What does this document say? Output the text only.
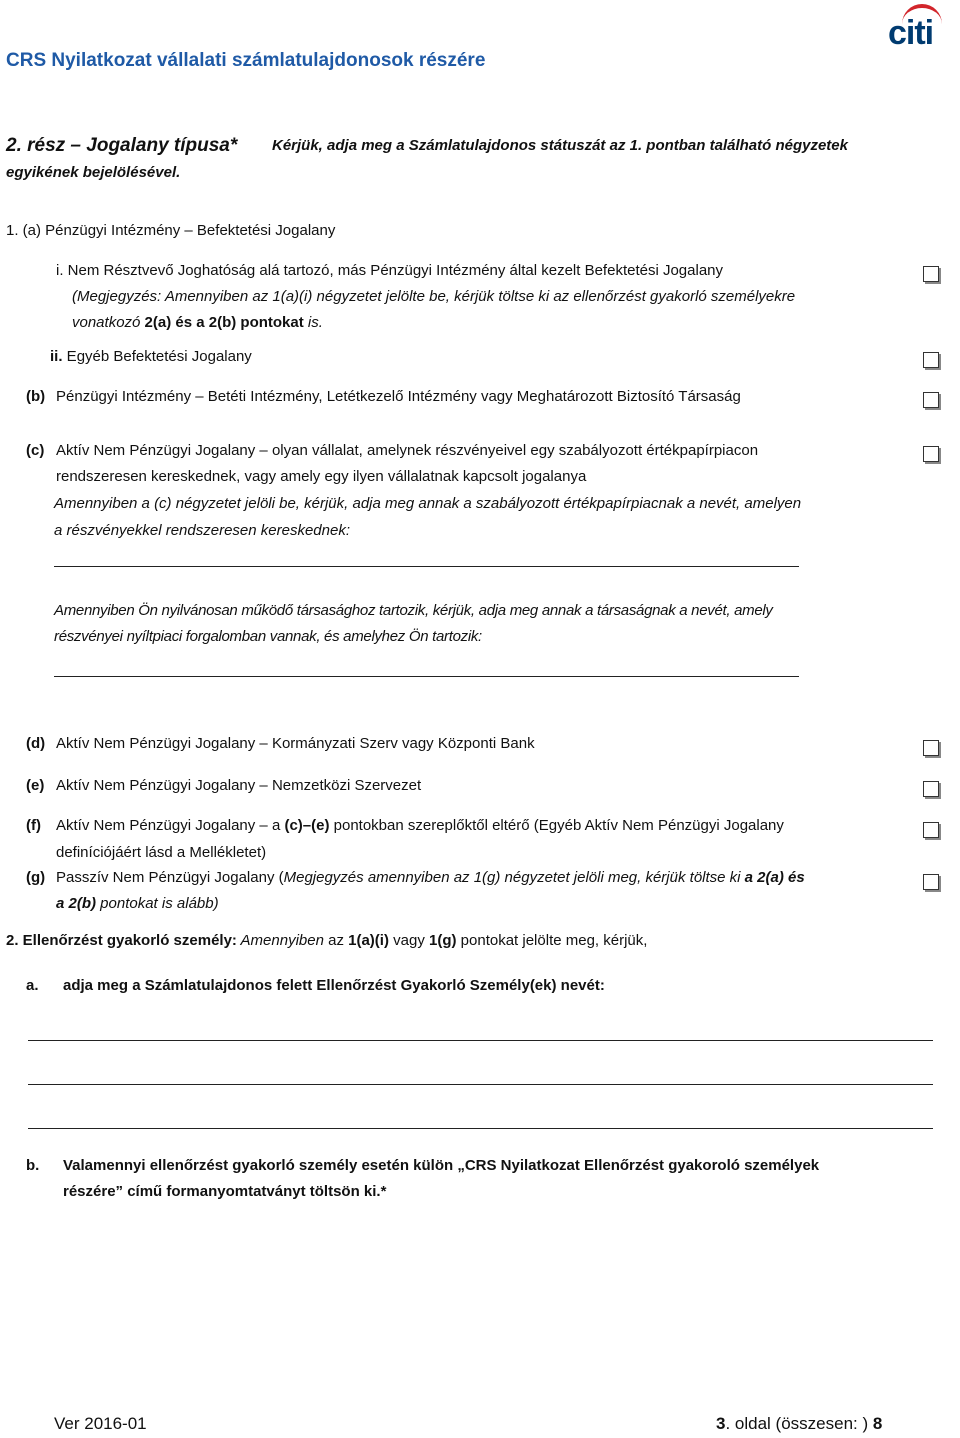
CRS Nyilatkozat vállalati számlatulajdonosok részére
citi
2. rész – Jogalany típusa* Kérjük, adja meg a Számlatulajdonos státuszát az 1. pontban található négyzetek
egyikének bejelölésével.
1. (a) Pénzügyi Intézmény – Befektetési Jogalany
i. Nem Résztvevő Joghatóság alá tartozó, más Pénzügyi Intézmény által kezelt Befektetési Jogalany
(Megjegyzés: Amennyiben az 1(a)(i) négyzetet jelölte be, kérjük töltse ki az ellenőrzést gyakorló személyekre
vonatkozó 2(a) és a 2(b) pontokat is.
ii. Egyéb Befektetési Jogalany
(b) Pénzügyi Intézmény – Betéti Intézmény, Letétkezelő Intézmény vagy Meghatározott Biztosító Társaság
(c) Aktív Nem Pénzügyi Jogalany – olyan vállalat, amelynek részvényeivel egy szabályozott értékpapírpiacon
rendszeresen kereskednek, vagy amely egy ilyen vállalatnak kapcsolt jogalanya
Amennyiben a (c) négyzetet jelöli be, kérjük, adja meg annak a szabályozott értékpapírpiacnak a nevét, amelyen
a részvényekkel rendszeresen kereskednek:
Amennyiben Ön nyilvánosan működő társasághoz tartozik, kérjük, adja meg annak a társaságnak a nevét, amely
részvényei nyíltpiaci forgalomban vannak, és amelyhez Ön tartozik:
(d) Aktív Nem Pénzügyi Jogalany – Kormányzati Szerv vagy Központi Bank
(e) Aktív Nem Pénzügyi Jogalany – Nemzetközi Szervezet
(f) Aktív Nem Pénzügyi Jogalany – a (c)–(e) pontokban szereplőktől eltérő (Egyéb Aktív Nem Pénzügyi Jogalany
definíciójáért lásd a Mellékletet)
(g) Passzív Nem Pénzügyi Jogalany (Megjegyzés amennyiben az 1(g) négyzetet jelöli meg, kérjük töltse ki a 2(a) és
a 2(b) pontokat is alább)
2. Ellenőrzést gyakorló személy: Amennyiben az 1(a)(i) vagy 1(g) pontokat jelölte meg, kérjük,
a. adja meg a Számlatulajdonos felett Ellenőrzést Gyakorló Személy(ek) nevét:
b. Valamennyi ellenőrzést gyakorló személy esetén külön „CRS Nyilatkozat Ellenőrzést gyakoroló személyek
részére” című formanyomtatványt töltsön ki.*
Ver 2016-01	3. oldal (összesen: ) 8
